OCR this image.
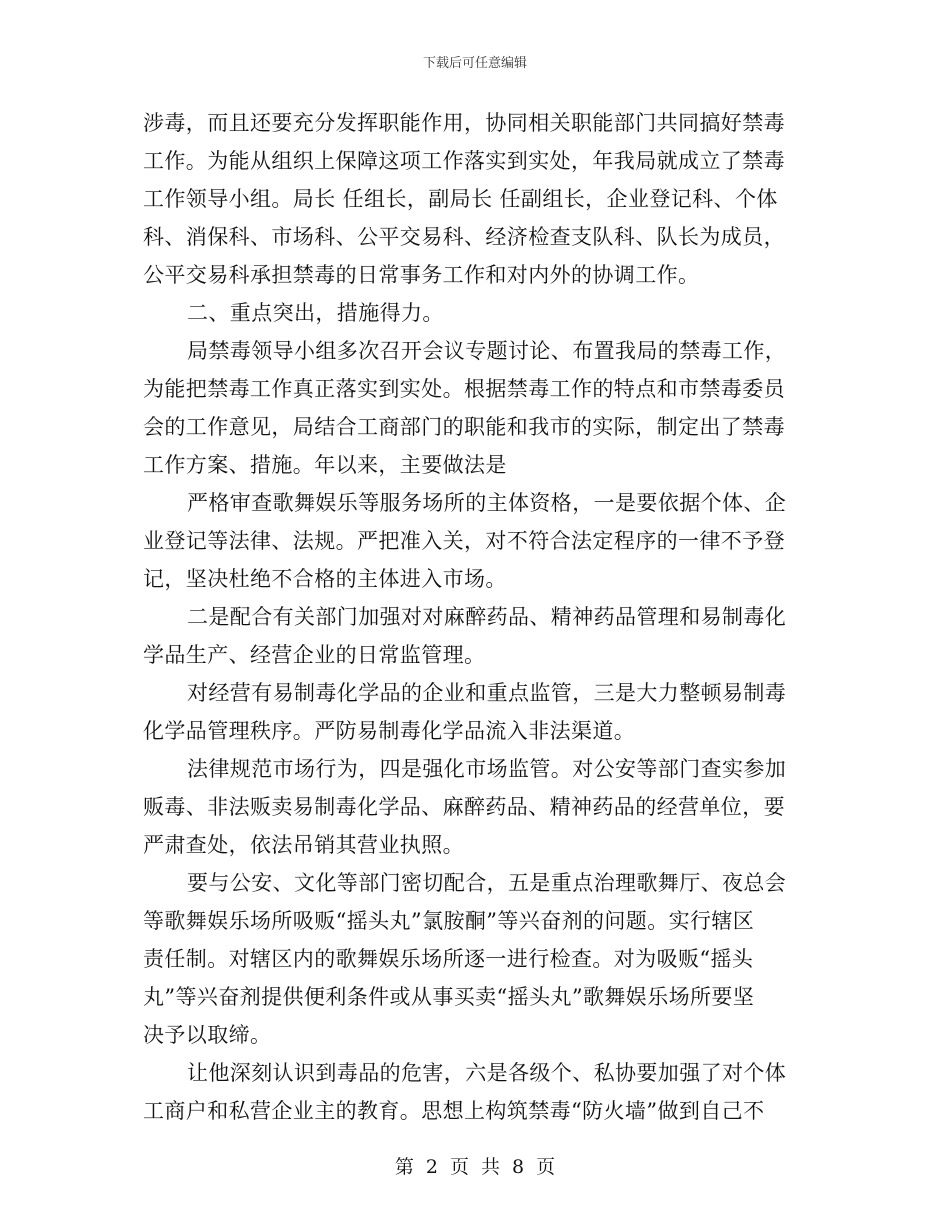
下载后可任意编辑
涉毒，而且还要充分发挥职能作用，协同相关职能部门共同搞好禁毒
工作。为能从组织上保障这项工作落实到实处，年我局就成立了禁毒
工作领导小组。局长 任组长，副局长 任副组长，企业登记科、个体
科、消保科、市场科、公平交易科、经济检查支队科、队长为成员，
公平交易科承担禁毒的日常事务工作和对内外的协调工作。
二、重点突出，措施得力。
局禁毒领导小组多次召开会议专题讨论、布置我局的禁毒工作，
为能把禁毒工作真正落实到实处。根据禁毒工作的特点和市禁毒委员
会的工作意见，局结合工商部门的职能和我市的实际，制定出了禁毒
工作方案、措施。年以来，主要做法是
严格审查歌舞娱乐等服务场所的主体资格，一是要依据个体、企
业登记等法律、法规。严把准入关，对不符合法定程序的一律不予登
记，坚决杜绝不合格的主体进入市场。
二是配合有关部门加强对对麻醉药品、精神药品管理和易制毒化
学品生产、经营企业的日常监管理。
对经营有易制毒化学品的企业和重点监管，三是大力整顿易制毒
化学品管理秩序。严防易制毒化学品流入非法渠道。
法律规范市场行为，四是强化市场监管。对公安等部门查实参加
贩毒、非法贩卖易制毒化学品、麻醉药品、精神药品的经营单位，要
严肃查处，依法吊销其营业执照。
要与公安、文化等部门密切配合，五是重点治理歌舞厅、夜总会
等歌舞娱乐场所吸贩“摇头丸”氯胺酮”等兴奋剂的问题。实行辖区
责任制。对辖区内的歌舞娱乐场所逐一进行检查。对为吸贩“摇头
丸”等兴奋剂提供便利条件或从事买卖“摇头丸”歌舞娱乐场所要坚
决予以取缔。
让他深刻认识到毒品的危害，六是各级个、私协要加强了对个体
工商户和私营企业主的教育。思想上构筑禁毒“防火墙”做到自己不
第 2 页 共 8 页
